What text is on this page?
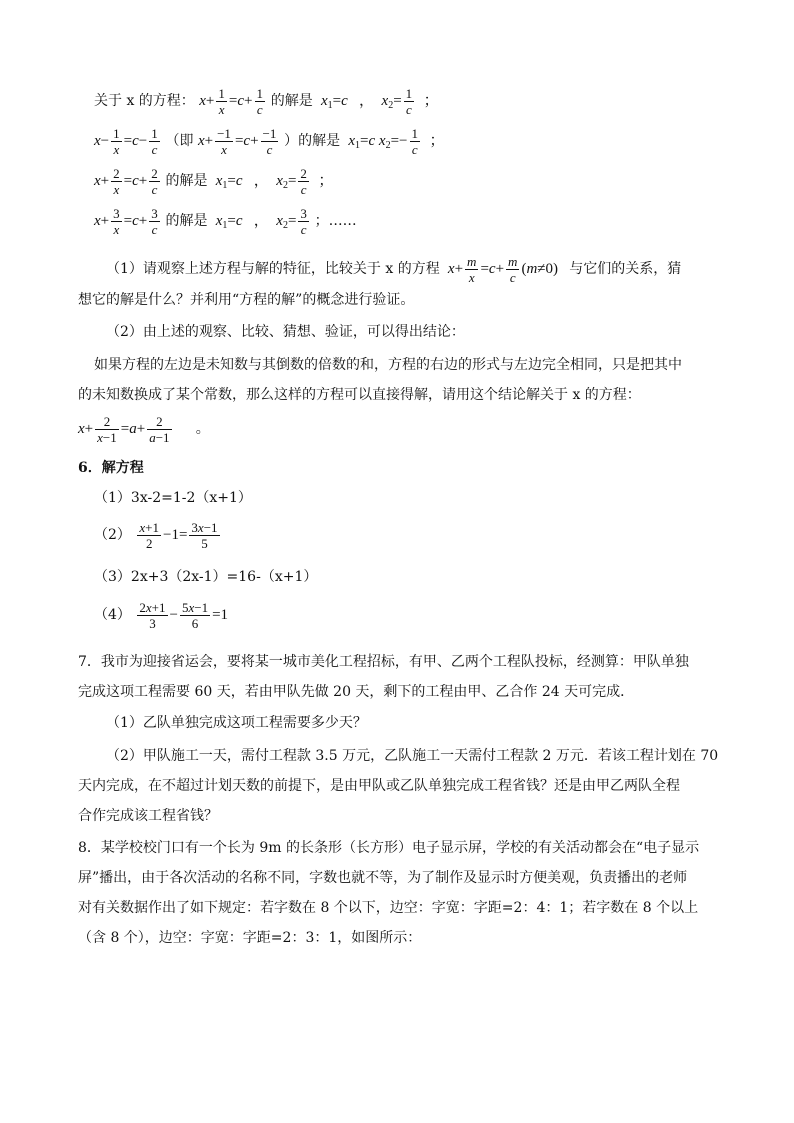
关于 x 的方程： $x+ \frac{1}{x} =c+ \frac{1}{c}$ 的解是 $x_1=c$   ，  $x_2= \frac{1}{c}$ ；
$x- \frac{1}{x} =c- \frac{1}{c}$ （即 $x+ \frac{-1}{x} =c+ \frac{-1}{c}$ ）的解是 $x_1=c$ $x_2=- \frac{1}{c}$ ；
$x+ \frac{2}{x} =c+ \frac{2}{c}$ 的解是 $x_1=c$   ，  $x_2= \frac{2}{c}$ ；
$x+ \frac{3}{x} =c+ \frac{3}{c}$ 的解是 $x_1=c$   ，  $x_2= \frac{3}{c}$ ；……
（1）请观察上述方程与解的特征，比较关于 x 的方程 $x+ \frac{m}{x} =c+ \frac{m}{c} (m\ne 0)$   与它们的关系，猜
想它的解是什么？并利用“方程的解”的概念进行验证。
（2）由上述的观察、比较、猜想、验证，可以得出结论：
如果方程的左边是未知数与其倒数的倍数的和，方程的右边的形式与左边完全相同，只是把其中
的未知数换成了某个常数，那么这样的方程可以直接得解，请用这个结论解关于 x 的方程：
$x+ \frac{2}{x-1} =a+ \frac{2}{a-1}$ 。
6．解方程
（1）3x-2=1-2（x+1）
$(2) \frac{x+1}{2} -1= \frac{3x-1}{5}$
（3）2x+3（2x-1）=16-（x+1）
$(4) \frac{2x+1}{3} - \frac{5x-1}{6} =1$
7．我市为迎接省运会，要将某一城市美化工程招标，有甲、乙两个工程队投标，经测算：甲队单独
完成这项工程需要 60 天，若由甲队先做 20 天，剩下的工程由甲、乙合作 24 天可完成．
（1）乙队单独完成这项工程需要多少天？
（2）甲队施工一天，需付工程款 3.5 万元，乙队施工一天需付工程款 2 万元．若该工程计划在 70
天内完成，在不超过计划天数的前提下，是由甲队或乙队单独完成工程省钱？还是由甲乙两队全程
合作完成该工程省钱？
8．某学校校门口有一个长为 9m 的长条形（长方形）电子显示屏，学校的有关活动都会在“电子显示
屏”播出，由于各次活动的名称不同，字数也就不等，为了制作及显示时方便美观，负责播出的老师
对有关数据作出了如下规定：若字数在 8 个以下，边空：字宽：字距=2：4：1；若字数在 8 个以上
（含 8 个），边空：字宽：字距=2：3：1，如图所示：
